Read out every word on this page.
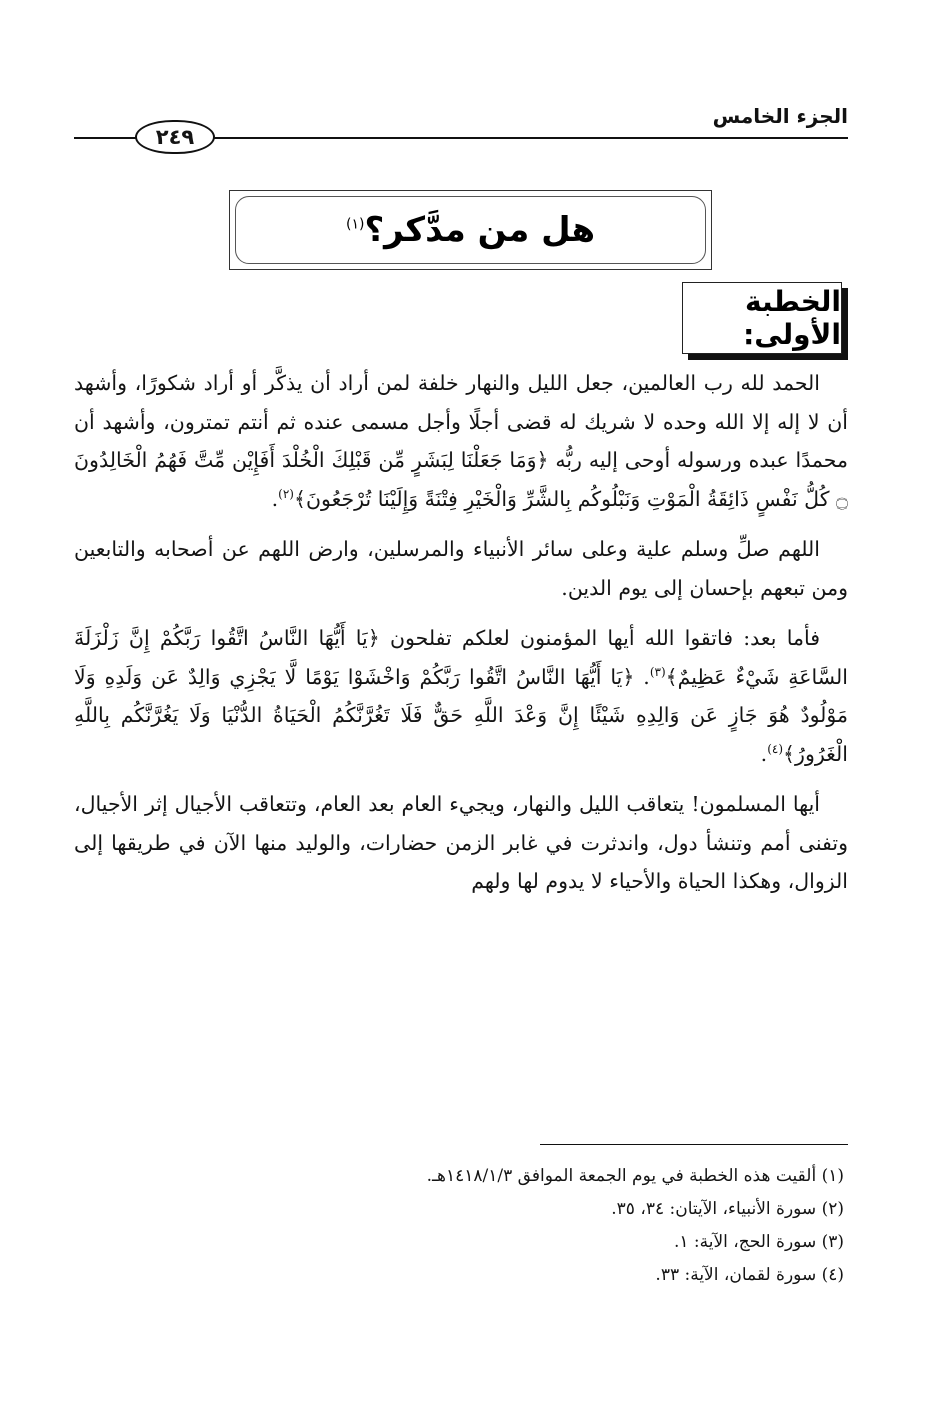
الجزء الخامس
٢٤٩
هل من مدَّكر؟$^{(١)}$
الخطبة الأولى:

الحمد لله رب العالمين، جعل الليل والنهار خلفة لمن أراد أن يذكَّر أو أراد شكورًا، وأشهد أن لا إله إلا الله وحده لا شريك له قضى أجلًا وأجل مسمى عنده ثم أنتم تمترون، وأشهد أن محمدًا عبده ورسوله أوحى إليه ربُّه ﴿وَمَا جَعَلْنَا لِبَشَرٍ مِّن قَبْلِكَ الْخُلْدَ أَفَإِيْن مِّتَّ فَهُمُ الْخَالِدُونَ ۝ كُلُّ نَفْسٍ ذَائِقَةُ الْمَوْتِ وَنَبْلُوكُم بِالشَّرِّ وَالْخَيْرِ فِتْنَةً وَإِلَيْنَا تُرْجَعُونَ﴾$^{(٢)}$.

اللهم صلِّ وسلم علية وعلى سائر الأنبياء والمرسلين، وارض اللهم عن أصحابه والتابعين ومن تبعهم بإحسان إلى يوم الدين.

فأما بعد: فاتقوا الله أيها المؤمنون لعلكم تفلحون ﴿يَا أَيُّهَا النَّاسُ اتَّقُوا رَبَّكُمْ إِنَّ زَلْزَلَةَ السَّاعَةِ شَيْءٌ عَظِيمٌ﴾$^{(٣)}$. ﴿يَا أَيُّهَا النَّاسُ اتَّقُوا رَبَّكُمْ وَاخْشَوْا يَوْمًا لَّا يَجْزِي وَالِدٌ عَن وَلَدِهِ وَلَا مَوْلُودٌ هُوَ جَازٍ عَن وَالِدِهِ شَيْئًا إِنَّ وَعْدَ اللَّهِ حَقٌّ فَلَا تَغُرَّنَّكُمُ الْحَيَاةُ الدُّنْيَا وَلَا يَغُرَّنَّكُم بِاللَّهِ الْغَرُورُ﴾$^{(٤)}$.

أيها المسلمون! يتعاقب الليل والنهار، ويجيء العام بعد العام، وتتعاقب الأجيال إثر الأجيال، وتفنى أمم وتنشأ دول، واندثرت في غابر الزمن حضارات، والوليد منها الآن في طريقها إلى الزوال، وهكذا الحياة والأحياء لا يدوم لها ولهم

(١) ألقيت هذه الخطبة في يوم الجمعة الموافق ١٤١٨/١/٣هـ.
(٢) سورة الأنبياء، الآيتان: ٣٤، ٣٥.
(٣) سورة الحج، الآية: ١.
(٤) سورة لقمان، الآية: ٣٣.
